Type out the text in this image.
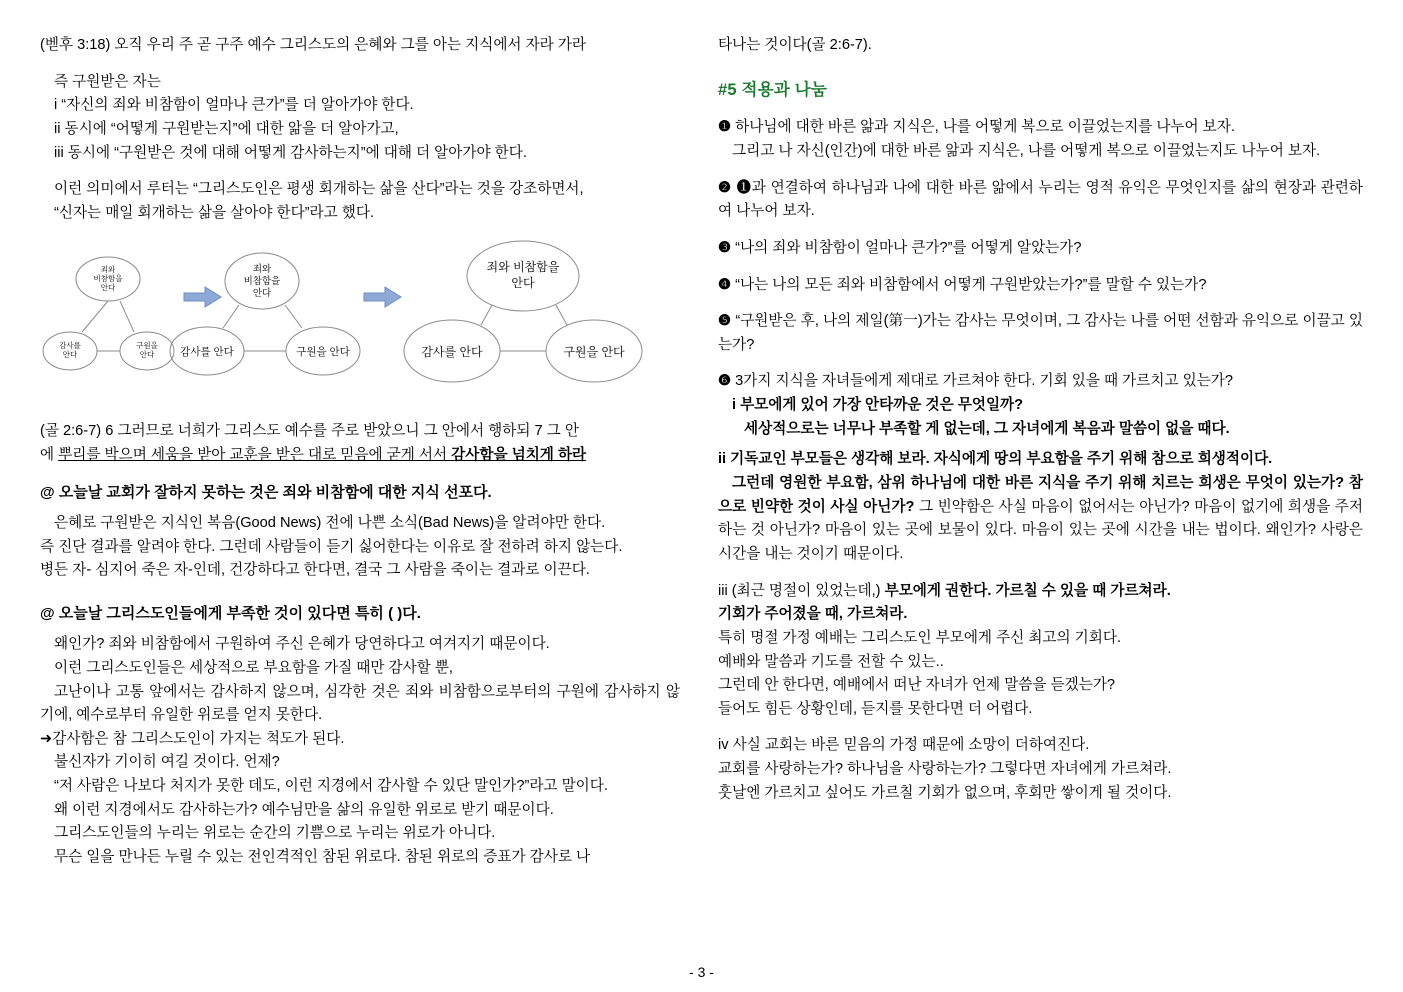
(벧후 3:18) 오직 우리 주 곧 구주 예수 그리스도의 은혜와 그를 아는 지식에서 자라 가라

즉 구원받은 자는

i “자신의 죄와 비참함이 얼마나 큰가”를 더 알아가야 한다.

ii 동시에 “어떻게 구원받는지”에 대한 앎을 더 알아가고,

iii 동시에 “구원받은 것에 대해 어떻게 감사하는지”에 대해 더 알아가야 한다.

이런 의미에서 루터는 “그리스도인은 평생 회개하는 삶을 산다”라는 것을 강조하면서,

“신자는 매일 회개하는 삶을 살아야 한다”라고 했다.

죄와
비참함을
안다
감사를
안다
구원을
안다
죄와
비참함을
안다
감사를 안다	구원을 안다
죄와 비참함을
안다
감사를 안다	구원을 안다

(골 2:6-7) 6 그러므로 너희가 그리스도 예수를 주로 받았으니 그 안에서 행하되 7 그 안

에 뿌리를 박으며 세움을 받아 교훈을 받은 대로 믿음에 굳게 서서 감사함을 넘치게 하라

@ 오늘날 교회가 잘하지 못하는 것은 죄와 비참함에 대한 지식 선포다.

은혜로 구원받은 지식인 복음(Good News) 전에 나쁜 소식(Bad News)을 알려야만 한다.

즉 진단 결과를 알려야 한다. 그런데 사람들이 듣기 싫어한다는 이유로 잘 전하려 하지 않는다.

병든 자- 심지어 죽은 자-인데, 건강하다고 한다면, 결국 그 사람을 죽이는 결과로 이끈다.

@ 오늘날 그리스도인들에게 부족한 것이 있다면 특히 ( )다.

왜인가? 죄와 비참함에서 구원하여 주신 은혜가 당연하다고 여겨지기 때문이다.

이런 그리스도인들은 세상적으로 부요함을 가질 때만 감사할 뿐,

고난이나 고통 앞에서는 감사하지 않으며, 심각한 것은 죄와 비참함으로부터의 구원에 감사하지 않기에, 예수로부터 유일한 위로를 얻지 못한다.

➜감사함은 참 그리스도인이 가지는 척도가 된다.

불신자가 기이히 여길 것이다. 언제?

“저 사람은 나보다 처지가 못한 데도, 이런 지경에서 감사할 수 있단 말인가?”라고 말이다.

왜 이런 지경에서도 감사하는가? 예수님만을 삶의 유일한 위로로 받기 때문이다.

그리스도인들의 누리는 위로는 순간의 기쁨으로 누리는 위로가 아니다.

무슨 일을 만나든 누릴 수 있는 전인격적인 참된 위로다. 참된 위로의 증표가 감사로 나

타나는 것이다(골 2:6-7).

#5 적용과 나눔

❶ 하나님에 대한 바른 앎과 지식은, 나를 어떻게 복으로 이끌었는지를 나누어 보자.

그리고 나 자신(인간)에 대한 바른 앎과 지식은, 나를 어떻게 복으로 이끌었는지도 나누어 보자.

❷ ❶과 연결하여 하나님과 나에 대한 바른 앎에서 누리는 영적 유익은 무엇인지를 삶의 현장과 관련하여 나누어 보자.

❸ “나의 죄와 비참함이 얼마나 큰가?”를 어떻게 알았는가?

❹ “나는 나의 모든 죄와 비참함에서 어떻게 구원받았는가?”를 말할 수 있는가?

❺ “구원받은 후, 나의 제일(第一)가는 감사는 무엇이며, 그 감사는 나를 어떤 선함과 유익으로 이끌고 있는가?

❻ 3가지 지식을 자녀들에게 제대로 가르쳐야 한다. 기회 있을 때 가르치고 있는가?

i 부모에게 있어 가장 안타까운 것은 무엇일까?

세상적으로는 너무나 부족할 게 없는데, 그 자녀에게 복음과 말씀이 없을 때다.

ii 기독교인 부모들은 생각해 보라. 자식에게 땅의 부요함을 주기 위해 참으로 희생적이다.

그런데 영원한 부요함, 삼위 하나님에 대한 바른 지식을 주기 위해 치르는 희생은 무엇이 있는가? 참으로 빈약한 것이 사실 아닌가? 그 빈약함은 사실 마음이 없어서는 아닌가? 마음이 없기에 희생을 주저하는 것 아닌가? 마음이 있는 곳에 보물이 있다. 마음이 있는 곳에 시간을 내는 법이다. 왜인가? 사랑은 시간을 내는 것이기 때문이다.

iii (최근 명절이 있었는데,) 부모에게 권한다. 가르칠 수 있을 때 가르쳐라.

기회가 주어졌을 때, 가르쳐라.

특히 명절 가정 예배는 그리스도인 부모에게 주신 최고의 기회다.

예배와 말씀과 기도를 전할 수 있는..

그런데 안 한다면, 예배에서 떠난 자녀가 언제 말씀을 듣겠는가?

들어도 힘든 상황인데, 듣지를 못한다면 더 어렵다.

iv 사실 교회는 바른 믿음의 가정 때문에 소망이 더하여진다.

교회를 사랑하는가? 하나님을 사랑하는가? 그렇다면 자녀에게 가르쳐라.

훗날엔 가르치고 싶어도 가르칠 기회가 없으며, 후회만 쌓이게 될 것이다.

- 3 -
